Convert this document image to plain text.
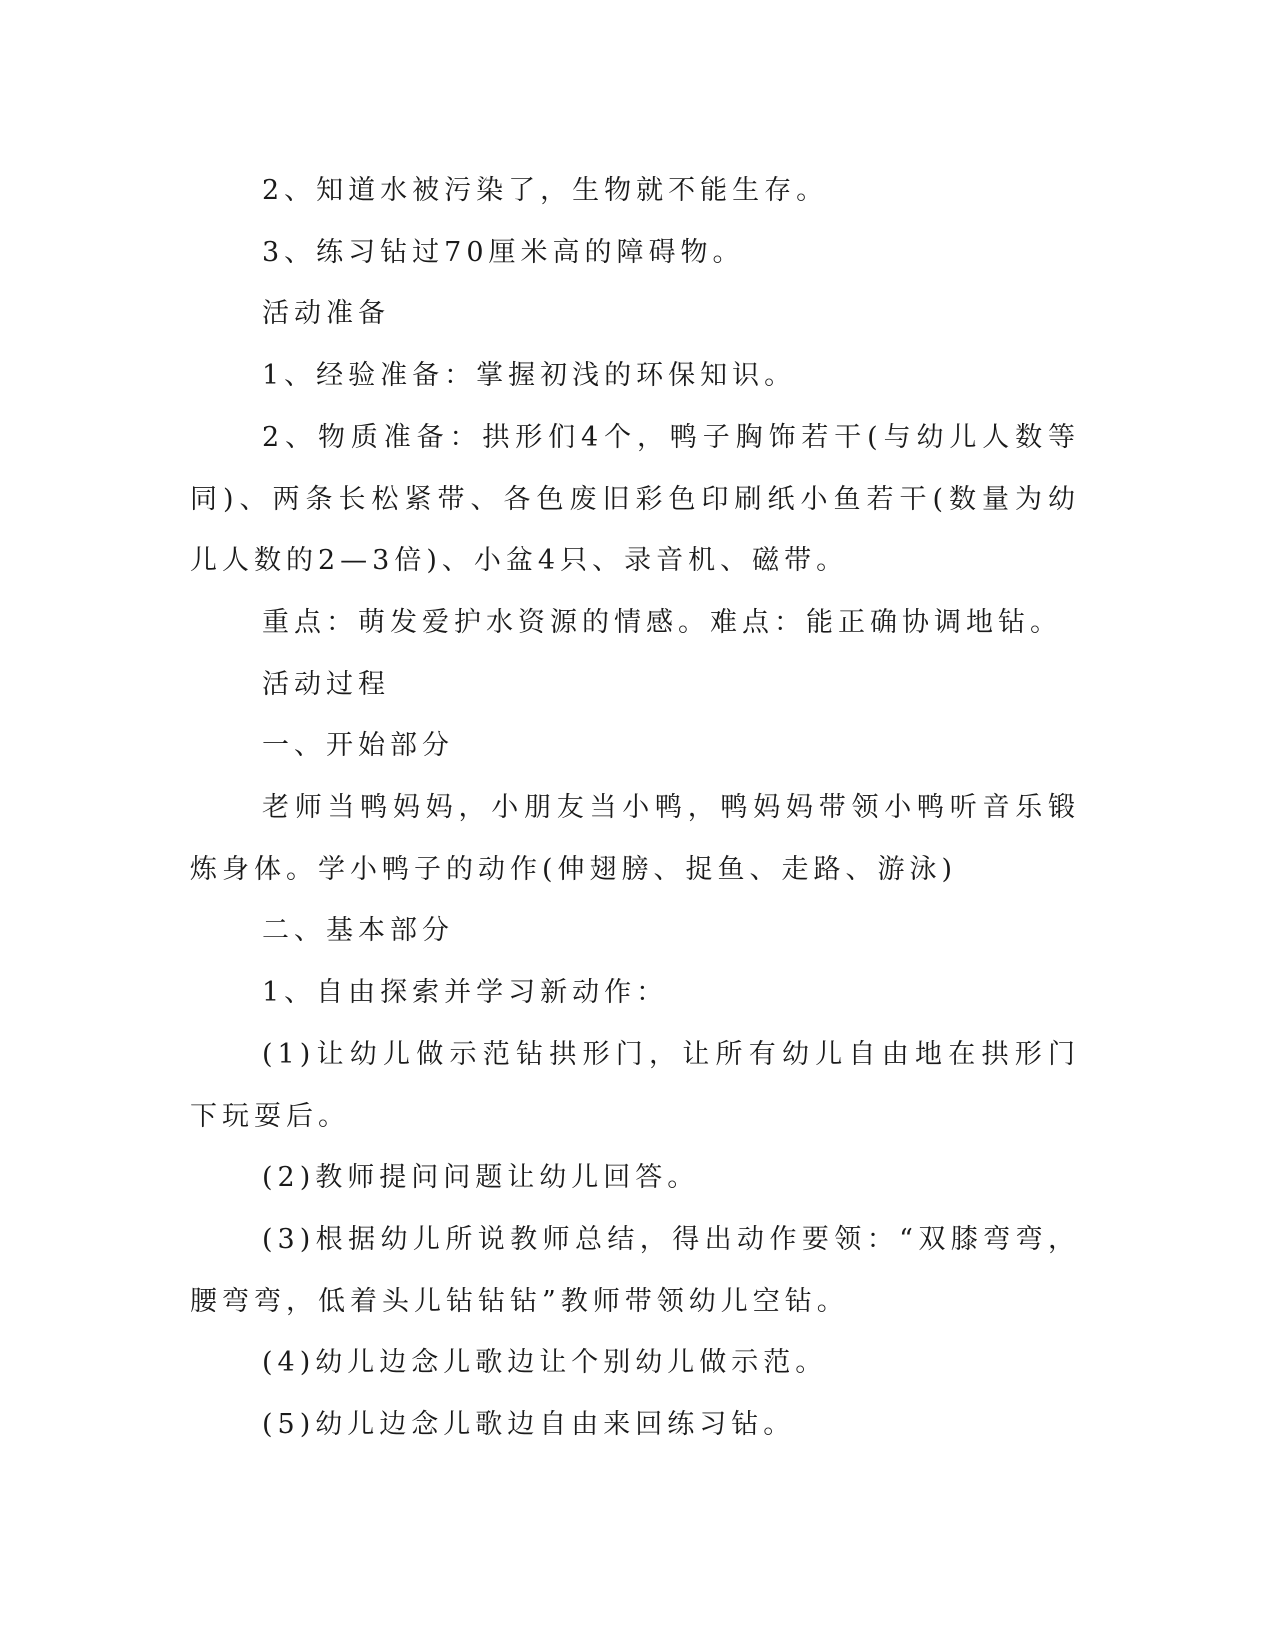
2、知道水被污染了，生物就不能生存。

3、练习钻过70厘米高的障碍物。

活动准备

1、经验准备：掌握初浅的环保知识。

2、物质准备：拱形们4个，鸭子胸饰若干(与幼儿人数等同)、两条长松紧带、各色废旧彩色印刷纸小鱼若干(数量为幼儿人数的2—3倍)、小盆4只、录音机、磁带。

重点：萌发爱护水资源的情感。难点：能正确协调地钻。

活动过程

一、开始部分

老师当鸭妈妈，小朋友当小鸭，鸭妈妈带领小鸭听音乐锻炼身体。学小鸭子的动作(伸翅膀、捉鱼、走路、游泳)

二、基本部分

1、自由探索并学习新动作：

(1)让幼儿做示范钻拱形门，让所有幼儿自由地在拱形门下玩耍后。

(2)教师提问问题让幼儿回答。

(3)根据幼儿所说教师总结，得出动作要领：“双膝弯弯，腰弯弯，低着头儿钻钻钻”教师带领幼儿空钻。

(4)幼儿边念儿歌边让个别幼儿做示范。

(5)幼儿边念儿歌边自由来回练习钻。
